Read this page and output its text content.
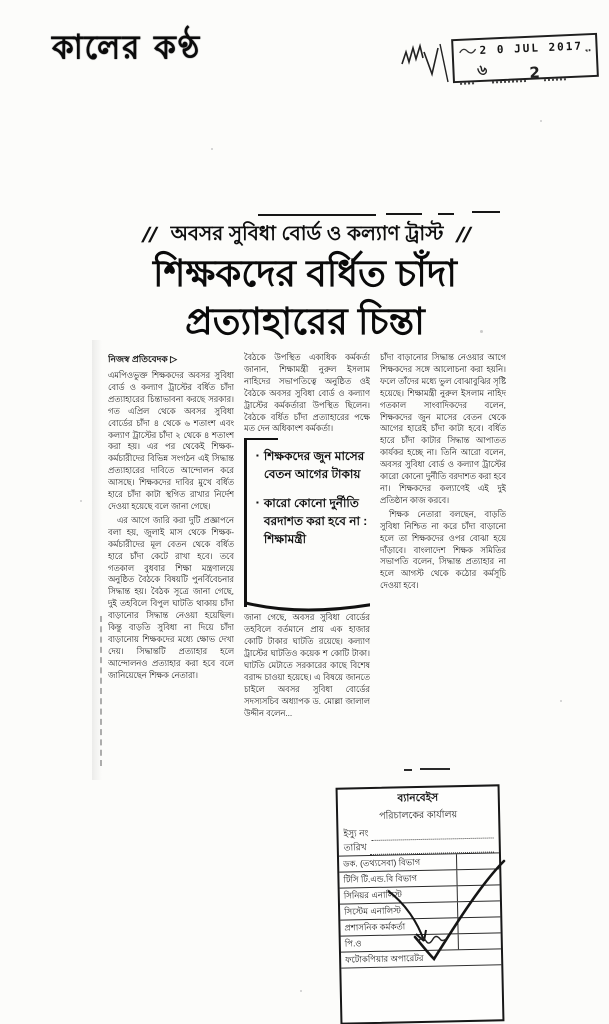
কালের কণ্ঠ	2 0 JUL 2017
৬	2
// অবসর সুবিধা বোর্ড ও কল্যাণ ট্রাস্ট //
শিক্ষকদের বর্ধিত চাঁদা
প্রত্যাহারের চিন্তা
নিজস্ব প্রতিবেদক ▷

এমপিওভুক্ত শিক্ষকদের অবসর সুবিধা বোর্ড ও কল্যাণ ট্রাস্টের বর্ধিত চাঁদা প্রত্যাহারের চিন্তাভাবনা করছে সরকার। গত এপ্রিল থেকে অবসর সুবিধা বোর্ডের চাঁদা ৪ থেকে ৬ শতাংশ এবং কল্যাণ ট্রাস্টের চাঁদা ২ থেকে ৪ শতাংশ করা হয়। এর পর থেকেই শিক্ষক-কর্মচারীদের বিভিন্ন সংগঠন এই সিদ্ধান্ত প্রত্যাহারের দাবিতে আন্দোলন করে আসছে। শিক্ষকদের দাবির মুখে বর্ধিত হারে চাঁদা কাটা স্থগিত রাখার নির্দেশ দেওয়া হয়েছে বলে জানা গেছে।

এর আগে জারি করা দুটি প্রজ্ঞাপনে বলা হয়, জুলাই মাস থেকে শিক্ষক-কর্মচারীদের মূল বেতন থেকে বর্ধিত হারে চাঁদা কেটে রাখা হবে। তবে গতকাল বুধবার শিক্ষা মন্ত্রণালয়ে অনুষ্ঠিত বৈঠকে বিষয়টি পুনর্বিবেচনার সিদ্ধান্ত হয়। বৈঠক সূত্রে জানা গেছে, দুই তহবিলে বিপুল ঘাটতি থাকায় চাঁদা বাড়ানোর সিদ্ধান্ত নেওয়া হয়েছিল। কিন্তু বাড়তি সুবিধা না দিয়ে চাঁদা বাড়ানোয় শিক্ষকদের মধ্যে ক্ষোভ দেখা দেয়। সিদ্ধান্তটি প্রত্যাহার হলে আন্দোলনও প্রত্যাহার করা হবে বলে জানিয়েছেন শিক্ষক নেতারা।

বৈঠকে উপস্থিত একাধিক কর্মকর্তা জানান, শিক্ষামন্ত্রী নুরুল ইসলাম নাহিদের সভাপতিত্বে অনুষ্ঠিত ওই বৈঠকে অবসর সুবিধা বোর্ড ও কল্যাণ ট্রাস্টের কর্মকর্তারা উপস্থিত ছিলেন। বৈঠকে বর্ধিত চাঁদা প্রত্যাহারের পক্ষে মত দেন অধিকাংশ কর্মকর্তা।

▪ শিক্ষকদের জুন মাসের বেতন আগের টাকায়
▪ কারো কোনো দুর্নীতি বরদাশত করা হবে না : শিক্ষামন্ত্রী

জানা গেছে, অবসর সুবিধা বোর্ডের তহবিলে বর্তমানে প্রায় এক হাজার কোটি টাকার ঘাটতি রয়েছে। কল্যাণ ট্রাস্টের ঘাটতিও কয়েক শ কোটি টাকা। ঘাটতি মেটাতে সরকারের কাছে বিশেষ বরাদ্দ চাওয়া হয়েছে। এ বিষয়ে জানতে চাইলে অবসর সুবিধা বোর্ডের সদস্যসচিব অধ্যাপক ড. মোল্লা জালাল উদ্দীন বলেন...

চাঁদা বাড়ানোর সিদ্ধান্ত নেওয়ার আগে শিক্ষকদের সঙ্গে আলোচনা করা হয়নি। ফলে তাঁদের মধ্যে ভুল বোঝাবুঝির সৃষ্টি হয়েছে। শিক্ষামন্ত্রী নুরুল ইসলাম নাহিদ গতকাল সাংবাদিকদের বলেন, শিক্ষকদের জুন মাসের বেতন থেকে আগের হারেই চাঁদা কাটা হবে। বর্ধিত হারে চাঁদা কাটার সিদ্ধান্ত আপাতত কার্যকর হচ্ছে না। তিনি আরো বলেন, অবসর সুবিধা বোর্ড ও কল্যাণ ট্রাস্টের কারো কোনো দুর্নীতি বরদাশত করা হবে না। শিক্ষকদের কল্যাণেই এই দুই প্রতিষ্ঠান কাজ করবে।

শিক্ষক নেতারা বলছেন, বাড়তি সুবিধা নিশ্চিত না করে চাঁদা বাড়ানো হলে তা শিক্ষকদের ওপর বোঝা হয়ে দাঁড়াবে। বাংলাদেশ শিক্ষক সমিতির সভাপতি বলেন, সিদ্ধান্ত প্রত্যাহার না হলে আগস্ট থেকে কঠোর কর্মসূচি দেওয়া হবে।

ব্যানবেইস
পরিচালকের কার্যালয়
ইস্যু নং
তারিখ
ডক. (তথ্যসেবা) বিভাগ
টিসি টি.এন্ড.বি বিভাগ
সিনিয়র এনালিস্ট
সিস্টেম এনালিস্ট
প্রশাসনিক কর্মকর্তা
পি.ও
ফটোকপিয়ার অপারেটর
